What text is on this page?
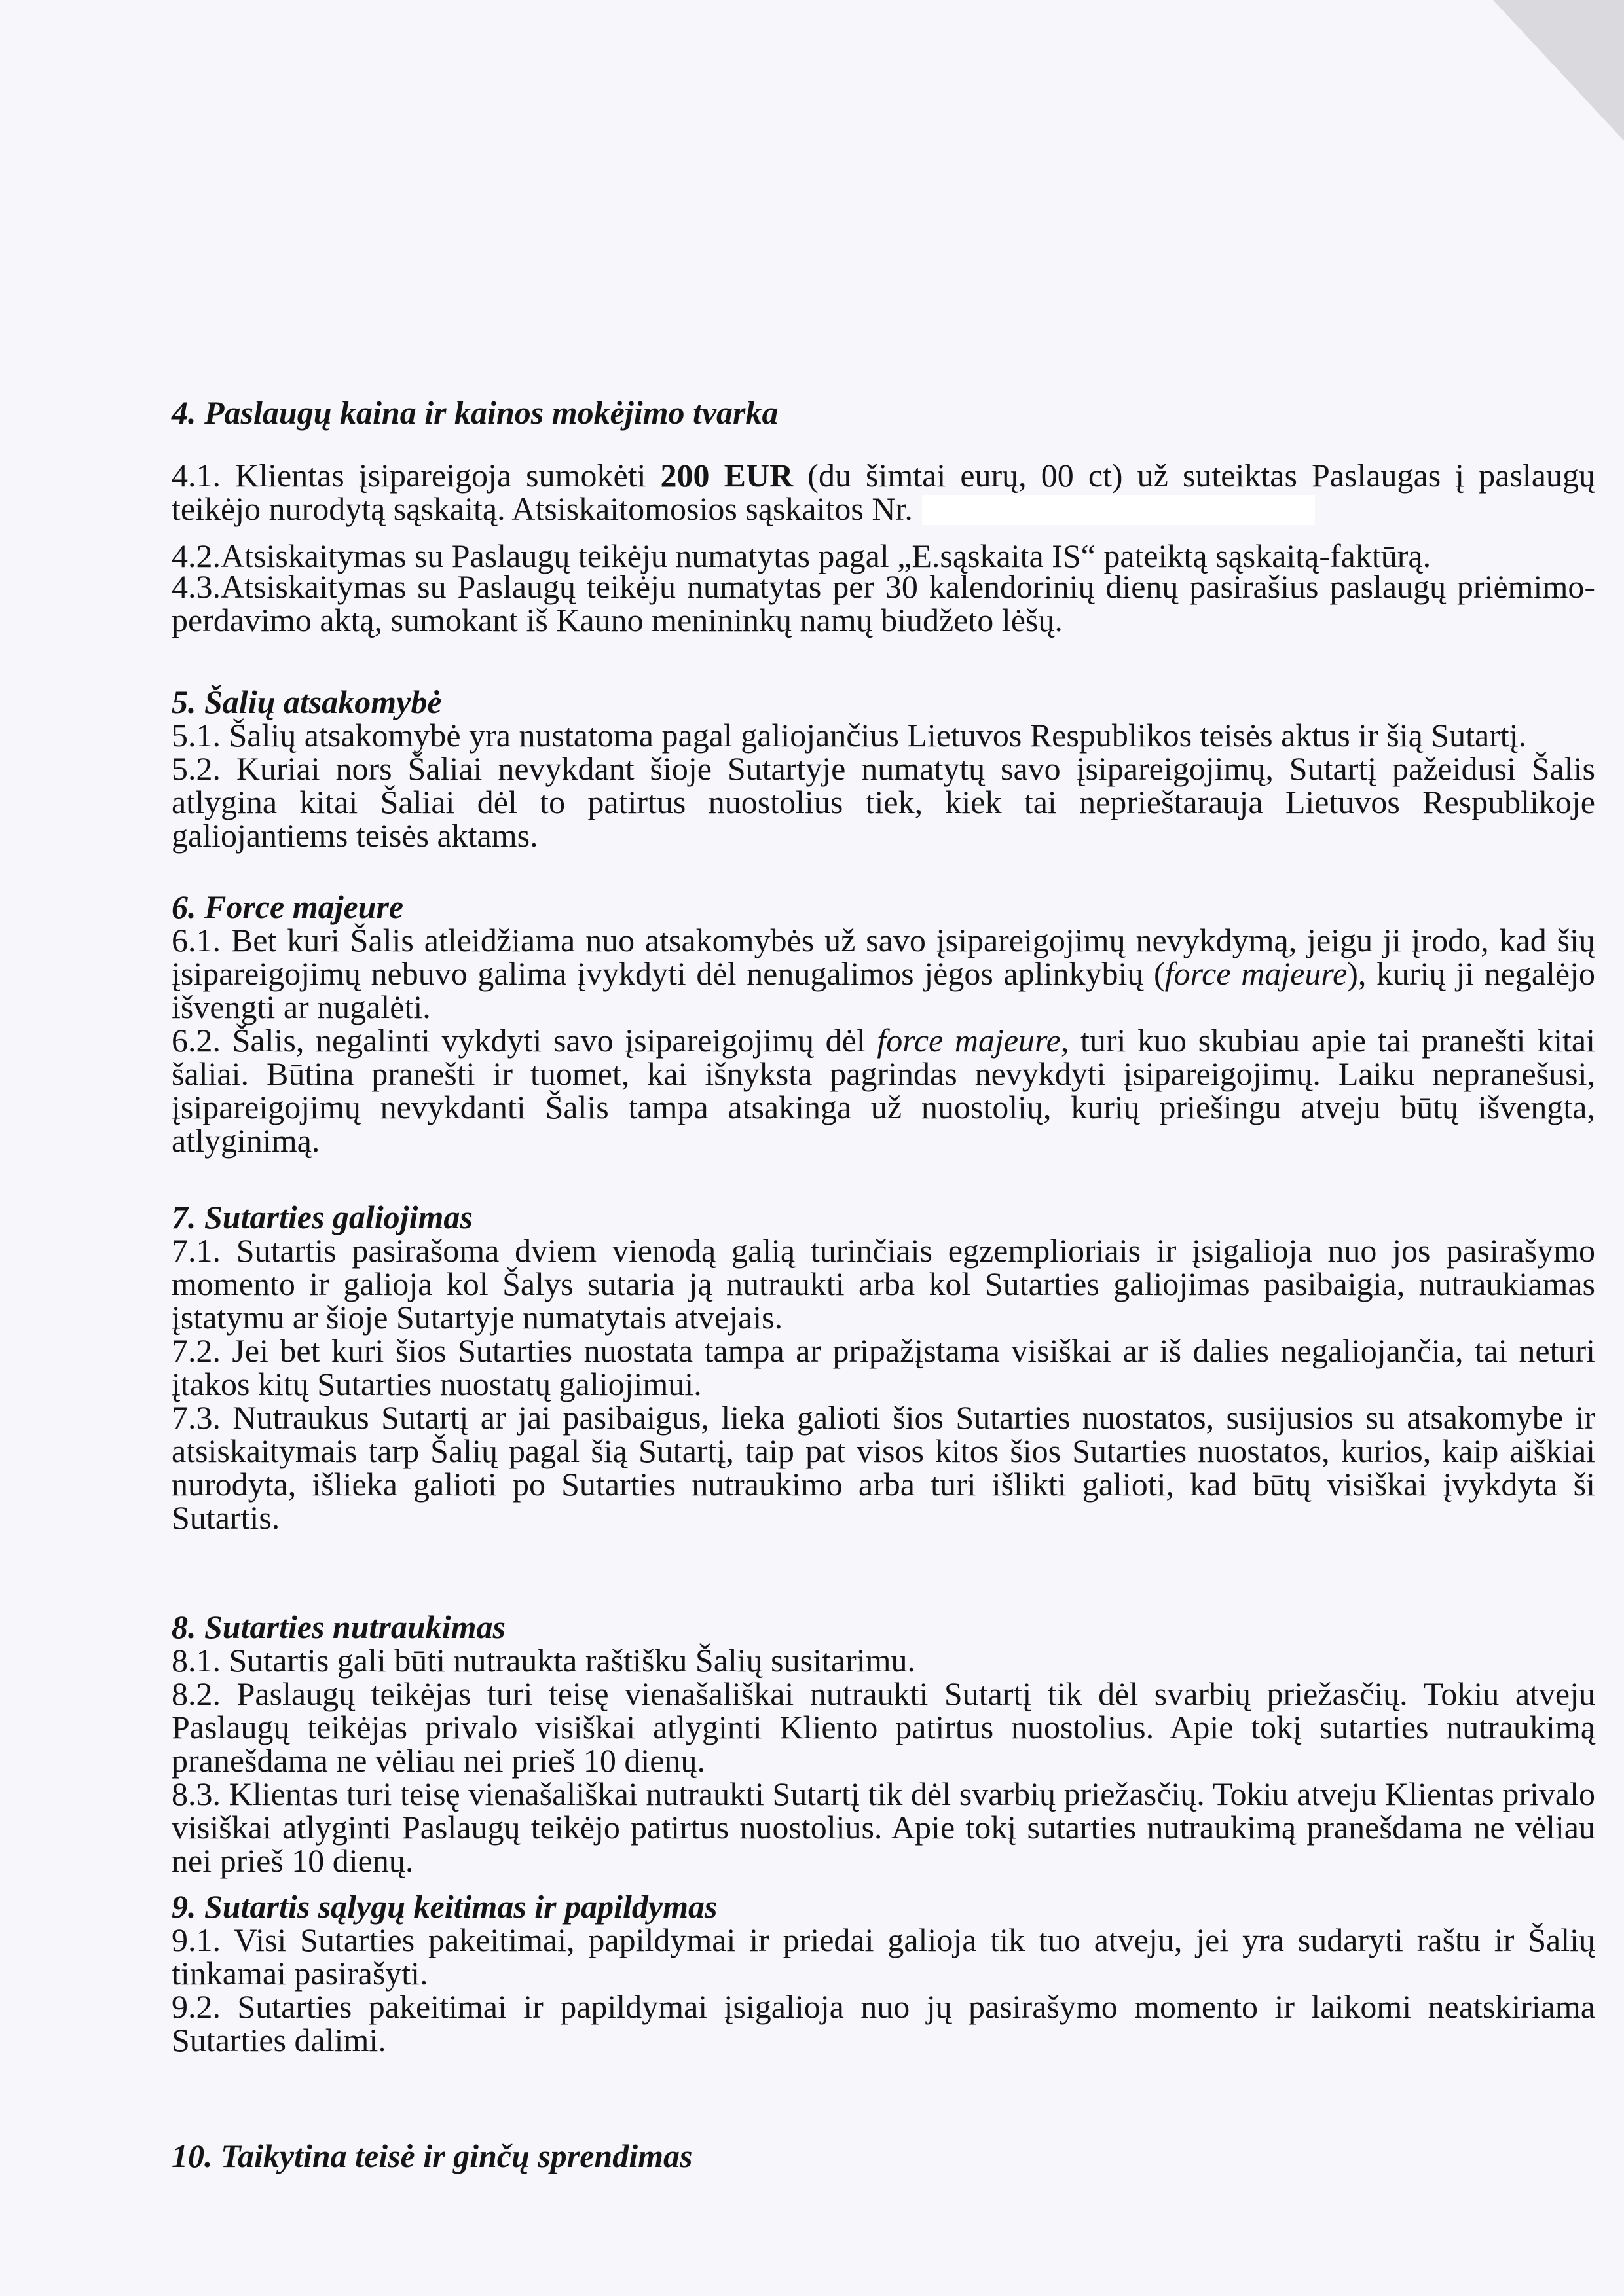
4. Paslaugų kaina ir kainos mokėjimo tvarka

4.1. Klientas įsipareigoja sumokėti 200 EUR (du šimtai eurų, 00 ct) už suteiktas Paslaugas į paslaugų teikėjo nurodytą sąskaitą. Atsiskaitomosios sąskaitos Nr.

4.2.Atsiskaitymas su Paslaugų teikėju numatytas pagal „E.sąskaita IS“ pateiktą sąskaitą-faktūrą.

4.3.Atsiskaitymas su Paslaugų teikėju numatytas per 30 kalendorinių dienų pasirašius paslaugų priėmimo-perdavimo aktą, sumokant iš Kauno menininkų namų biudžeto lėšų.

5. Šalių atsakomybė

5.1. Šalių atsakomybė yra nustatoma pagal galiojančius Lietuvos Respublikos teisės aktus ir šią Sutartį.

5.2. Kuriai nors Šaliai nevykdant šioje Sutartyje numatytų savo įsipareigojimų, Sutartį pažeidusi Šalis atlygina kitai Šaliai dėl to patirtus nuostolius tiek, kiek tai neprieštarauja Lietuvos Respublikoje galiojantiems teisės aktams.

6. Force majeure

6.1. Bet kuri Šalis atleidžiama nuo atsakomybės už savo įsipareigojimų nevykdymą, jeigu ji įrodo, kad šių įsipareigojimų nebuvo galima įvykdyti dėl nenugalimos jėgos aplinkybių (force majeure), kurių ji negalėjo išvengti ar nugalėti.

6.2. Šalis, negalinti vykdyti savo įsipareigojimų dėl force majeure, turi kuo skubiau apie tai pranešti kitai šaliai. Būtina pranešti ir tuomet, kai išnyksta pagrindas nevykdyti įsipareigojimų. Laiku nepranešusi, įsipareigojimų nevykdanti Šalis tampa atsakinga už nuostolių, kurių priešingu atveju būtų išvengta, atlyginimą.

7. Sutarties galiojimas

7.1. Sutartis pasirašoma dviem vienodą galią turinčiais egzemplioriais ir įsigalioja nuo jos pasirašymo momento ir galioja kol Šalys sutaria ją nutraukti arba kol Sutarties galiojimas pasibaigia, nutraukiamas įstatymu ar šioje Sutartyje numatytais atvejais.

7.2. Jei bet kuri šios Sutarties nuostata tampa ar pripažįstama visiškai ar iš dalies negaliojančia, tai neturi įtakos kitų Sutarties nuostatų galiojimui.

7.3. Nutraukus Sutartį ar jai pasibaigus, lieka galioti šios Sutarties nuostatos, susijusios su atsakomybe ir atsiskaitymais tarp Šalių pagal šią Sutartį, taip pat visos kitos šios Sutarties nuostatos, kurios, kaip aiškiai nurodyta, išlieka galioti po Sutarties nutraukimo arba turi išlikti galioti, kad būtų visiškai įvykdyta ši Sutartis.

8. Sutarties nutraukimas

8.1. Sutartis gali būti nutraukta raštišku Šalių susitarimu.

8.2. Paslaugų teikėjas turi teisę vienašališkai nutraukti Sutartį tik dėl svarbių priežasčių. Tokiu atveju Paslaugų teikėjas privalo visiškai atlyginti Kliento patirtus nuostolius. Apie tokį sutarties nutraukimą pranešdama ne vėliau nei prieš 10 dienų.

8.3. Klientas turi teisę vienašališkai nutraukti Sutartį tik dėl svarbių priežasčių. Tokiu atveju Klientas privalo visiškai atlyginti Paslaugų teikėjo patirtus nuostolius. Apie tokį sutarties nutraukimą pranešdama ne vėliau nei prieš 10 dienų.

9. Sutartis sąlygų keitimas ir papildymas

9.1. Visi Sutarties pakeitimai, papildymai ir priedai galioja tik tuo atveju, jei yra sudaryti raštu ir Šalių tinkamai pasirašyti.

9.2. Sutarties pakeitimai ir papildymai įsigalioja nuo jų pasirašymo momento ir laikomi neatskiriama Sutarties dalimi.

10. Taikytina teisė ir ginčų sprendimas
